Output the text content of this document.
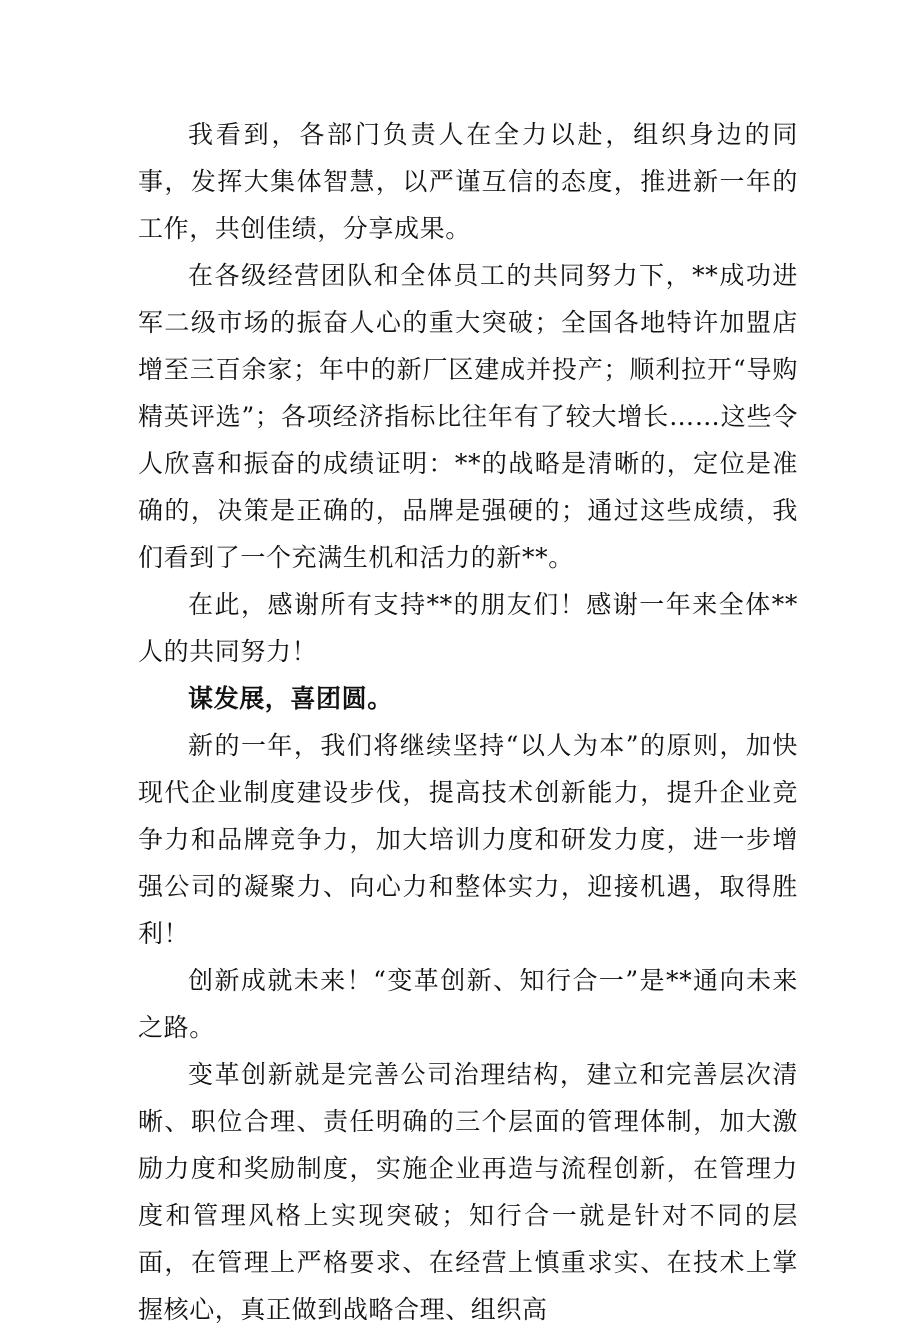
我看到，各部门负责人在全力以赴，组织身边的同事，发挥大集体智慧，以严谨互信的态度，推进新一年的工作，共创佳绩，分享成果。

在各级经营团队和全体员工的共同努力下，**成功进军二级市场的振奋人心的重大突破；全国各地特许加盟店增至三百余家；年中的新厂区建成并投产；顺利拉开“导购精英评选”；各项经济指标比往年有了较大增长……这些令人欣喜和振奋的成绩证明：**的战略是清晰的，定位是准确的，决策是正确的，品牌是强硬的；通过这些成绩，我们看到了一个充满生机和活力的新**。

在此，感谢所有支持**的朋友们！感谢一年来全体**人的共同努力！

谋发展，喜团圆。

新的一年，我们将继续坚持“以人为本”的原则，加快现代企业制度建设步伐，提高技术创新能力，提升企业竞争力和品牌竞争力，加大培训力度和研发力度，进一步增强公司的凝聚力、向心力和整体实力，迎接机遇，取得胜利！

创新成就未来！“变革创新、知行合一”是**通向未来之路。

变革创新就是完善公司治理结构，建立和完善层次清晰、职位合理、责任明确的三个层面的管理体制，加大激励力度和奖励制度，实施企业再造与流程创新，在管理力度和管理风格上实现突破；知行合一就是针对不同的层面，在管理上严格要求、在经营上慎重求实、在技术上掌握核心，真正做到战略合理、组织高
